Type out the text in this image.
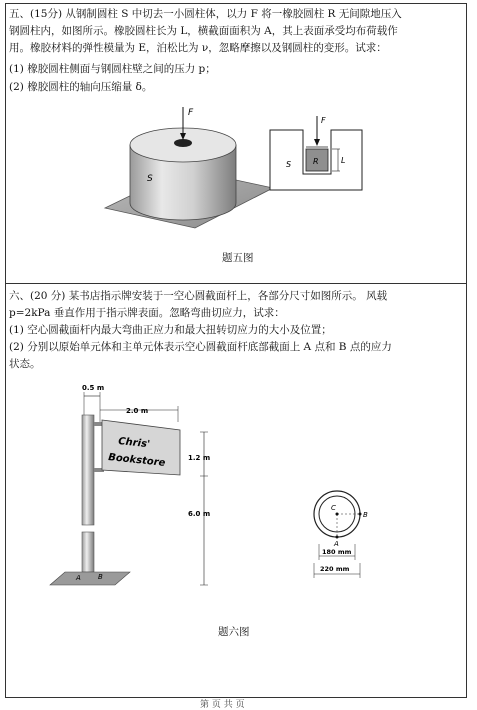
五、(15分) 从钢制圆柱 S 中切去一小圆柱体，以力 F 将一橡胶圆柱 R 无间隙地压入
钢圆柱内，如图所示。橡胶圆柱长为 L，横截面面积为 A，其上表面承受均布荷载作
用。橡胶材料的弹性模量为 E，泊松比为 ν，忽略摩擦以及钢圆柱的变形。试求：
(1) 橡胶圆柱侧面与钢圆柱壁之间的压力 p；
(2) 橡胶圆柱的轴向压缩量 δ。
F
S
F
R	L
S
题五图
六、(20 分) 某书店指示牌安装于一空心圆截面杆上，各部分尺寸如图所示。 风载
p=2kPa 垂直作用于指示牌表面。忽略弯曲切应力，试求：
(1) 空心圆截面杆内最大弯曲正应力和最大扭转切应力的大小及位置；
(2) 分别以原始单元体和主单元体表示空心圆截面杆底部截面上 A 点和 B 点的应力
状态。
0.5 m
2.0 m
Chris'
Bookstore	1.2 m
6.0 m
A B
C
B
A
180 mm
220 mm
题六图
第 页 共 页
